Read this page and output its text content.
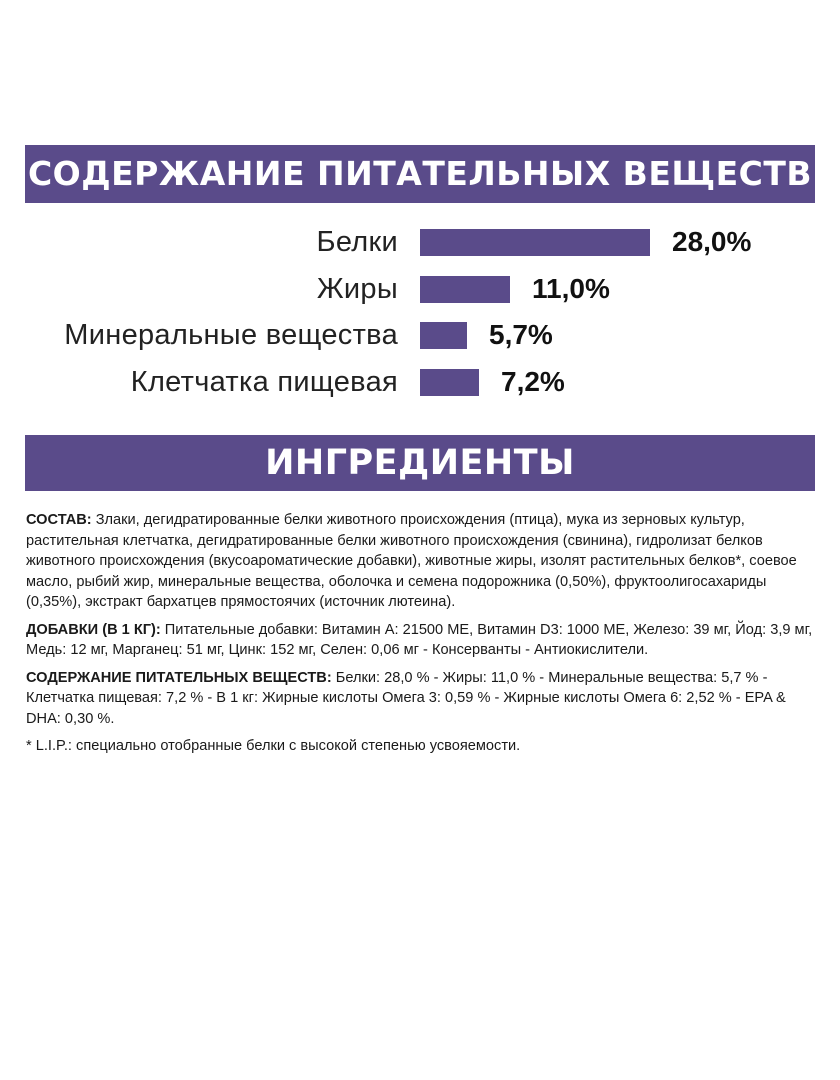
СОДЕРЖАНИЕ ПИТАТЕЛЬНЫХ ВЕЩЕСТВ
Белки	28,0%
Жиры	11,0%
Минеральные вещества	5,7%
Клетчатка пищевая	7,2%
ИНГРЕДИЕНТЫ

СОСТАВ: Злаки, дегидратированные белки животного происхождения (птица), мука из зерновых культур, растительная клетчатка, дегидратированные белки животного происхождения (свинина), гидролизат белков животного происхождения (вкусоароматические добавки), животные жиры, изолят растительных белков*, соевое масло, рыбий жир, минеральные вещества, оболочка и семена подорожника (0,50%), фруктоолигосахариды (0,35%), экстракт бархатцев прямостоячих (источник лютеина).

ДОБАВКИ (В 1 КГ): Питательные добавки: Витамин A: 21500 МЕ, Витамин D3: 1000 МЕ, Железо: 39 мг, Йод: 3,9 мг, Медь: 12 мг, Марганец: 51 мг, Цинк: 152 мг, Селен: 0,06 мг - Консерванты - Антиокислители.

СОДЕРЖАНИЕ ПИТАТЕЛЬНЫХ ВЕЩЕСТВ: Белки: 28,0 % - Жиры: 11,0 % - Минеральные вещества: 5,7 % - Клетчатка пищевая: 7,2 % - В 1 кг: Жирные кислоты Омега 3: 0,59 % - Жирные кислоты Омега 6: 2,52 % - EPA & DHA: 0,30 %.

* L.I.P.: специально отобранные белки с высокой степенью усвояемости.
